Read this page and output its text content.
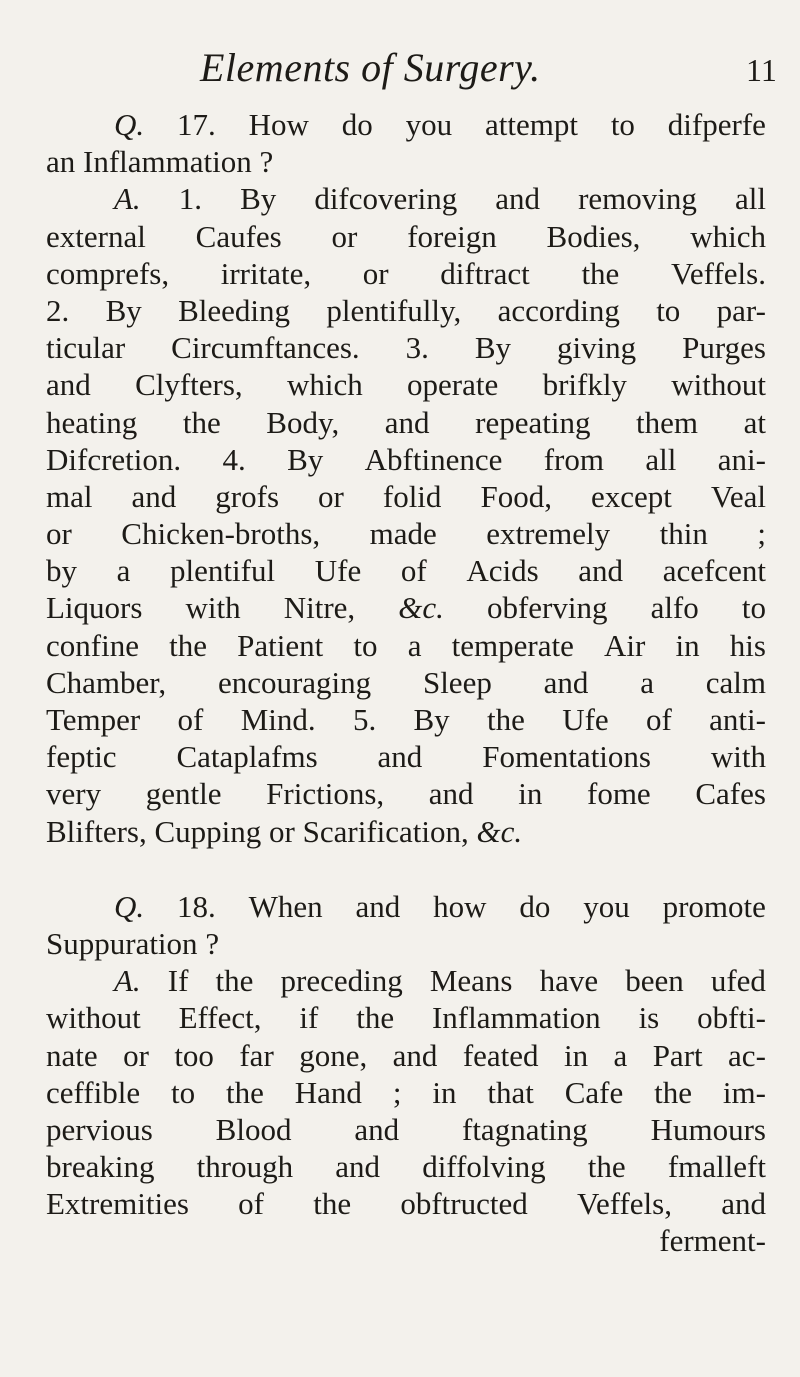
Elements of Surgery.	11
Q. 17. How do you attempt to difperfe
an Inflammation ?
A. 1. By difcovering and removing all
external Caufes or foreign Bodies, which
comprefs, irritate, or diftract the Veffels.
2. By Bleeding plentifully, according to par-
ticular Circumftances. 3. By giving Purges
and Clyfters, which operate brifkly without
heating the Body, and repeating them at
Difcretion. 4. By Abftinence from all ani-
mal and grofs or folid Food, except Veal
or Chicken-broths, made extremely thin ;
by a plentiful Ufe of Acids and acefcent
Liquors with Nitre, &c. obferving alfo to
confine the Patient to a temperate Air in his
Chamber, encouraging Sleep and a calm
Temper of Mind. 5. By the Ufe of anti-
feptic Cataplafms and Fomentations with
very gentle Frictions, and in fome Cafes
Blifters, Cupping or Scarification, &c.
Q. 18. When and how do you promote
Suppuration ?
A. If the preceding Means have been ufed
without Effect, if the Inflammation is obfti-
nate or too far gone, and feated in a Part ac-
ceffible to the Hand ; in that Cafe the im-
pervious Blood and ftagnating Humours
breaking through and diffolving the fmalleft
Extremities of the obftructed Veffels, and
ferment-
